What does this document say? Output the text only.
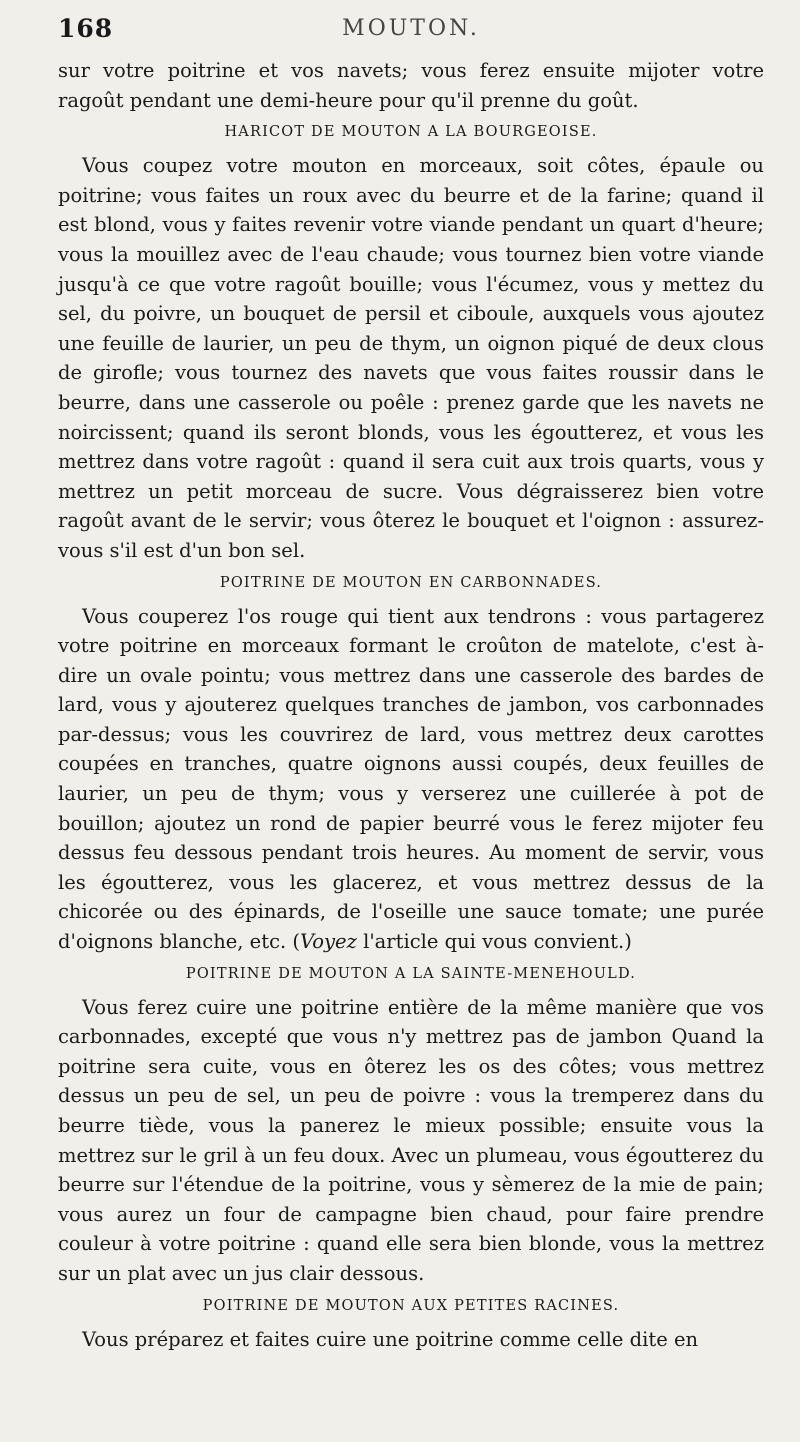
168	MOUTON.

sur votre poitrine et vos navets; vous ferez ensuite mijoter votre ragoût pendant une demi-heure pour qu'il prenne du goût.

HARICOT DE MOUTON A LA BOURGEOISE.

Vous coupez votre mouton en morceaux, soit côtes, épaule ou poitrine; vous faites un roux avec du beurre et de la farine; quand il est blond, vous y faites revenir votre viande pendant un quart d'heure; vous la mouillez avec de l'eau chaude; vous tournez bien votre viande jusqu'à ce que votre ragoût bouille; vous l'écumez, vous y mettez du sel, du poivre, un bouquet de persil et ciboule, auxquels vous ajoutez une feuille de laurier, un peu de thym, un oignon piqué de deux clous de girofle; vous tournez des navets que vous faites roussir dans le beurre, dans une casserole ou poêle : prenez garde que les navets ne noircissent; quand ils seront blonds, vous les égoutterez, et vous les mettrez dans votre ragoût : quand il sera cuit aux trois quarts, vous y mettrez un petit morceau de sucre. Vous dégraisserez bien votre ragoût avant de le servir; vous ôterez le bouquet et l'oignon : assurez-vous s'il est d'un bon sel.

POITRINE DE MOUTON EN CARBONNADES.

Vous couperez l'os rouge qui tient aux tendrons : vous partagerez votre poitrine en morceaux formant le croûton de matelote, c'est à-dire un ovale pointu; vous mettrez dans une casserole des bardes de lard, vous y ajouterez quelques tranches de jambon, vos carbonnades par-dessus; vous les couvrirez de lard, vous mettrez deux carottes coupées en tranches, quatre oignons aussi coupés, deux feuilles de laurier, un peu de thym; vous y verserez une cuillerée à pot de bouillon; ajoutez un rond de papier beurré vous le ferez mijoter feu dessus feu dessous pendant trois heures. Au moment de servir, vous les égoutterez, vous les glacerez, et vous mettrez dessus de la chicorée ou des épinards, de l'oseille une sauce tomate; une purée d'oignons blanche, etc. (Voyez l'article qui vous convient.)

POITRINE DE MOUTON A LA SAINTE-MENEHOULD.

Vous ferez cuire une poitrine entière de la même manière que vos carbonnades, excepté que vous n'y mettrez pas de jambon Quand la poitrine sera cuite, vous en ôterez les os des côtes; vous mettrez dessus un peu de sel, un peu de poivre : vous la tremperez dans du beurre tiède, vous la panerez le mieux possible; ensuite vous la mettrez sur le gril à un feu doux. Avec un plumeau, vous égoutterez du beurre sur l'étendue de la poitrine, vous y sèmerez de la mie de pain; vous aurez un four de campagne bien chaud, pour faire prendre couleur à votre poitrine : quand elle sera bien blonde, vous la mettrez sur un plat avec un jus clair dessous.

POITRINE DE MOUTON AUX PETITES RACINES.

Vous préparez et faites cuire une poitrine comme celle dite en
